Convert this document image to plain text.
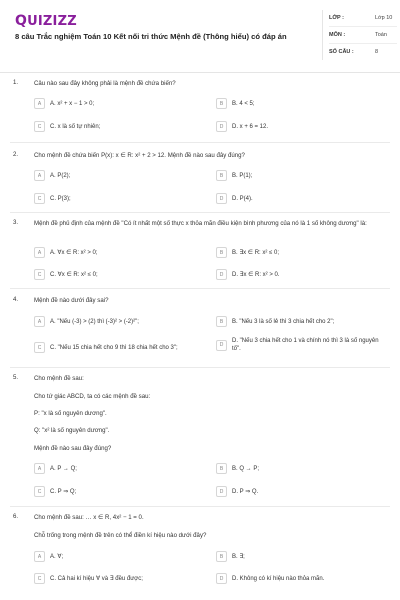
QUIZIZZ
8 câu Trắc nghiệm Toán 10 Kết nối tri thức Mệnh đề (Thông hiểu) có đáp án
LỚP :	Lớp 10
MÔN :	Toán
SỐ CÂU :	8
1.	Câu nào sau đây không phải là mệnh đề chứa biến?
A	A. x² + x − 1 > 0;	B	B. 4 < 5;
C	C. x là số tự nhiên;	D	D. x + 6 = 12.
2.	Cho mệnh đề chứa biến P(x): x ∈ R: x² + 2 > 12. Mệnh đề nào sau đây đúng?
A	A. P(2);	B	B. P(1);
C	C. P(3);	D	D. P(4).
3.	Mệnh đề phủ định của mệnh đề "Có ít nhất một số thực x thỏa mãn điều kiện bình phương của nó là 1 số không dương" là:
A	A. ∀x ∈ R: x² > 0;	B	B. ∃x ∈ R: x² ≤ 0;
C	C. ∀x ∈ R: x² ≤ 0;	D	D. ∃x ∈ R: x² > 0.
4.	Mệnh đề nào dưới đây sai?
A	A. "Nếu (-3) > (2) thì (-3)² > (-2)²";	B	B. "Nếu 3 là số lẻ thì 3 chia hết cho 2";
C	C. "Nếu 15 chia hết cho 9 thì 18 chia hết cho 3";	D
D. "Nếu 3 chia hết cho 1 và chính nó thì 3 là số nguyên tố".
5.	Cho mệnh đề sau:
Cho tứ giác ABCD, ta có các mệnh đề sau:
P: "x là số nguyên dương".
Q: "x² là số nguyên dương".
Mệnh đề nào sau đây đúng?
A	A. P → Q;	B	B. Q → P;
C	C. P ⇒ Q;	D	D. P ⇒ Q.
6.	Cho mệnh đề sau: … x ∈ R, 4x² − 1 = 0.
Chỗ trống trong mệnh đề trên có thể điền kí hiệu nào dưới đây?
A	A. ∀;	B	B. ∃;
C	C. Cả hai kí hiệu ∀ và ∃ đều được;	D	D. Không có kí hiệu nào thỏa mãn.
